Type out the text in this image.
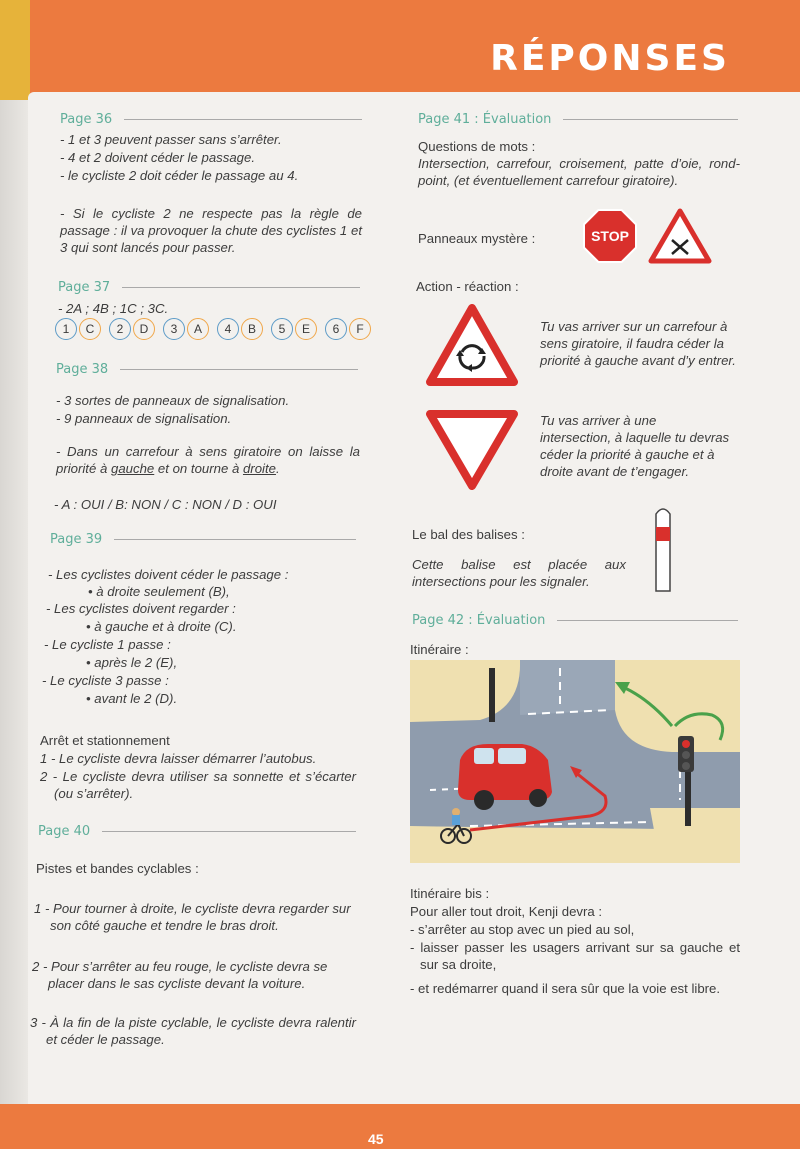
RÉPONSES
Page 36
- 1 et 3 peuvent passer sans s’arrêter.
- 4 et 2 doivent céder le passage.
- le cycliste 2 doit céder le passage au 4.
- Si le cycliste 2 ne respecte pas la règle de passage : il va provoquer la chute des cyclistes 1 et 3 qui sont lancés pour passer.
Page 37
- 2A ; 4B ; 1C ; 3C.
1	C	2	D	3	A	4	B	5	E	6	F
Page 38
- 3 sortes de panneaux de signalisation.
- 9 panneaux de signalisation.
- Dans un carrefour à sens giratoire on laisse la priorité à gauche et on tourne à droite.
- A : OUI / B: NON / C : NON / D : OUI
Page 39
- Les cyclistes doivent céder le passage :
• à droite seulement (B),
- Les cyclistes doivent regarder :
• à gauche et à droite (C).
- Le cycliste 1 passe :
• après le 2 (E),
- Le cycliste 3 passe :
• avant le 2 (D).
Arrêt et stationnement
1 - Le cycliste devra laisser démarrer l’autobus.
2 - Le cycliste devra utiliser sa sonnette et s’écarter (ou s’arrêter).
Page 40
Pistes et bandes cyclables :
1 - Pour tourner à droite, le cycliste devra regarder sur son côté gauche et tendre le bras droit.
2 - Pour s’arrêter au feu rouge, le cycliste devra se placer dans le sas cycliste devant la voiture.
3 - À la fin de la piste cyclable, le cycliste devra ralentir et céder le passage.
Page 41 : Évaluation
Questions de mots :
Intersection, carrefour, croisement, patte d’oie, rond-point, (et éventuellement carrefour giratoire).
Panneaux mystère :	STOP
Action - réaction :
Tu vas arriver sur un carrefour à sens giratoire, il faudra céder la priorité à gauche avant d’y entrer.
Tu vas arriver à une intersection, à laquelle tu devras céder la priorité à gauche et à droite avant de t’engager.
Le bal des balises :
Cette balise est placée aux intersections pour les signaler.
Page 42 : Évaluation
Itinéraire :
Itinéraire bis :
Pour aller tout droit, Kenji devra :
- s’arrêter au stop avec un pied au sol,
- laisser passer les usagers arrivant sur sa gauche et sur sa droite,
- et redémarrer quand il sera sûr que la voie est libre.
45
